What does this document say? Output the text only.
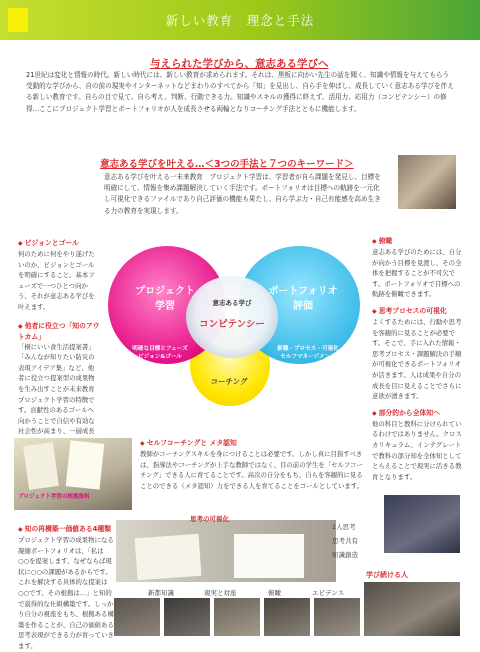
新しい教育　理念と手法
与えられた学びから、意志ある学びへ
21世紀は変化と情報の時代。新しい時代には、新しい教育が求められます。それは、黒板に向かい先生の話を聞く、知識や情報を与えてもらう受動的な学びから、自の前の現実やインターネットなどまわりのすべてから「知」を見出し、自ら手を伸ばし、成長していく意志ある学びを伴える新しい教育です。自らの目で見て、自ら考え、判断、行動できる力。知識やスキルの獲得に終えず、活用力、応用力（コンピテンシー）の修得…ここにプロジェクト学習とポートフォリオが人を成長させる両輪となりコーチング手法とともに機能します。
意志ある学びを叶える…＜3つの手法と７つのキーワード＞
意志ある学びを叶える一未来教育　プロジェクト学習は、学習者が自ら課題を発見し、目標を明確にして、情報を集め課題解決していく手法です。ポートフォリオは目標への軌跡を一元化し可視化できるファイルであり自己評価の機能も果たし、自ら学ぶ力・自己有能感を高め生きる力の教育を実現します。
◆ ビジョンとゴール
何のために何をやり遂げたいのか、ビジョンとゴールを明確にすること。基本フェーズで一つひとつ向かう、それが意志ある学びを叶えます。
◆ 他者に役立つ「知のアウトカム」
「横にいい食生活提案書」「みんなが知りたい防災の表現アイデア集」など、他者に役立つ提案型の成果物を生み出すことが未来教育プロジェクト学習の特徴です。貢献性のあるゴールへ向かうことで自信や有効な社会性が高まり、一層成長
◆ 俯瞰
意志ある学びのためには、自分が向かう目標を見渡し、その全体を把握することが不可欠です。ポートフォリオで目標への軌跡を俯瞰できます。
◆ 思考プロセスの可視化
よくするためには、行動や思考を客観的に見ることが必要です。そこで、手に入れた情報・思考プロセス・課題解決の手順が可視化できるポートフォリオが活きます。人は成果や自分の成長を目に見えることでさらに意欲が湧きます。
◆ 部分的から全体知へ
他の科目と教科に分けられているわけではありません。クロスカリキュラム、インテグレートで教科の部分知を全体知としてとらえることで現実に活きる教育となります。
プロジェクト
学習
ポートフォリオ
評価
意志ある学び
コンピテンシー
コーチング
明確な目標とフェーズ
ビジョン&ゴール
新職・プロセス・可視化
セルフマネージメント
プロジェクト学習の根拠資料
◆ セルフコーチングと メタ認知
教師がコーチングスキルを身につけることは必要です。しかし真に目指すべきは、指導法やコーチングが上手な教師ではなく、目の前の学生を「セルフコーチング」できる人に育てることです。高次の自分をもち、自らを客観的に見ることのできる（メタ認知）力をできる人を育てることをゴールとしています。
◆ 知の再構築一価値ある4種類
プロジェクト学習の成果物になる凝縮ポートフォリオは、「私は○○を提案します、なぜならば現状に○○の課題があるからです。これを解決する具体的な提案は○○です、その根拠は…」と知的で説得的な仕組構築です。しっかり自分の視座をもち、根拠ある構築を作ることが、自己の価値ある思考表現ができる力が育っていきます。
思考の可視化
1人思考
思考共有
知識創造
新都知識	現実と対座	俯瞰	エビデンス
学び続ける人
